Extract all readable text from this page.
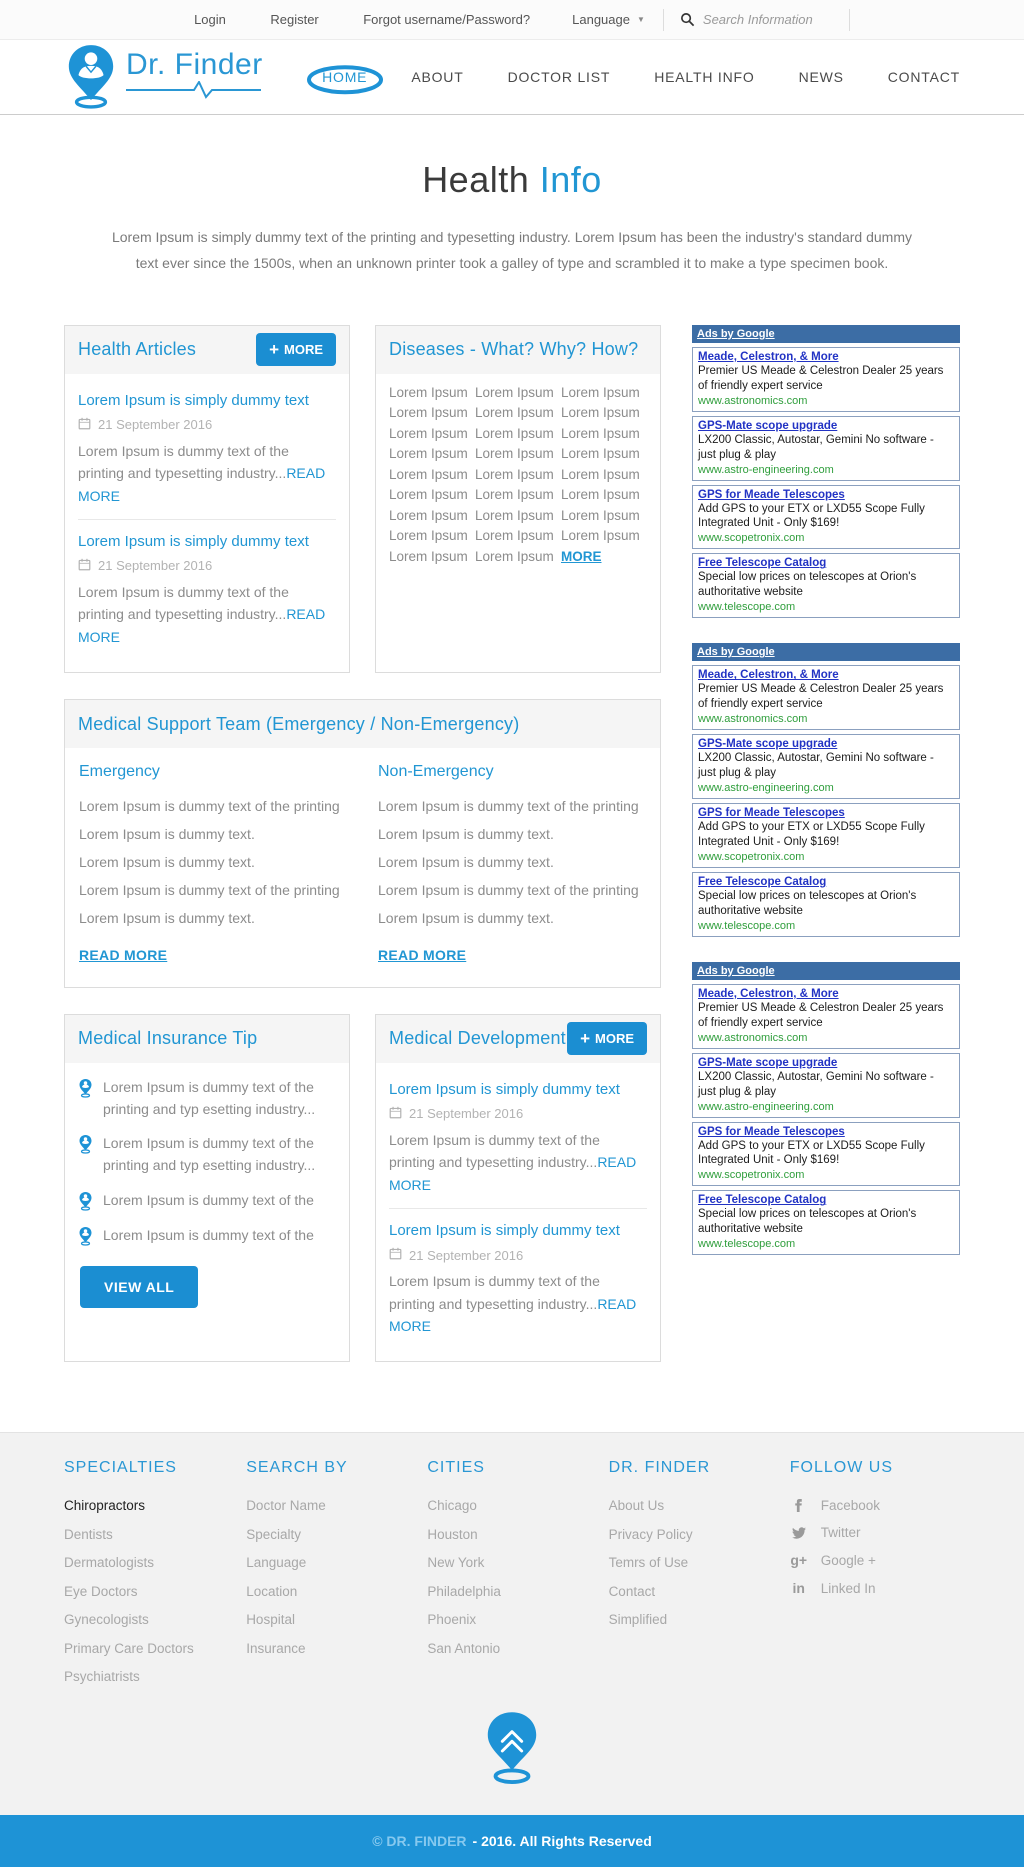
Login	Register	Forgot username/Password?	Language ▼
Search Information
Dr. Finder	HOME	ABOUT	DOCTOR LIST	HEALTH INFO	NEWS	CONTACT
Health Info

Lorem Ipsum is simply dummy text of the printing and typesetting industry. Lorem Ipsum has been the industry's standard dummy text ever since the 1500s, when an unknown printer took a galley of type and scrambled it to make a type specimen book.

Health Articles	+ MORE
Lorem Ipsum is simply dummy text
21 September 2016
Lorem Ipsum is dummy text of the printing and typesetting industry...READ MORE
Lorem Ipsum is simply dummy text
21 September 2016
Lorem Ipsum is dummy text of the printing and typesetting industry...READ MORE
Diseases - What? Why? How?
Lorem Ipsum Lorem Ipsum Lorem Ipsum
Lorem Ipsum Lorem Ipsum Lorem Ipsum
Lorem Ipsum Lorem Ipsum Lorem Ipsum
Lorem Ipsum Lorem Ipsum Lorem Ipsum
Lorem Ipsum Lorem Ipsum Lorem Ipsum
Lorem Ipsum Lorem Ipsum Lorem Ipsum
Lorem Ipsum Lorem Ipsum Lorem Ipsum
Lorem Ipsum Lorem Ipsum Lorem Ipsum
Lorem Ipsum Lorem Ipsum MORE
Medical Support Team (Emergency / Non-Emergency)
Emergency
Lorem Ipsum is dummy text of the printing
Lorem Ipsum is dummy text.
Lorem Ipsum is dummy text.
Lorem Ipsum is dummy text of the printing
Lorem Ipsum is dummy text.
READ MORE
Non-Emergency
Lorem Ipsum is dummy text of the printing
Lorem Ipsum is dummy text.
Lorem Ipsum is dummy text.
Lorem Ipsum is dummy text of the printing
Lorem Ipsum is dummy text.
READ MORE
Medical Insurance Tip
Lorem Ipsum is dummy text of the printing and typ esetting industry...
Lorem Ipsum is dummy text of the printing and typ esetting industry...
Lorem Ipsum is dummy text of the
Lorem Ipsum is dummy text of the
VIEW ALL
Medical Development + MORE
Lorem Ipsum is simply dummy text
21 September 2016
Lorem Ipsum is dummy text of the printing and typesetting industry...READ MORE
Lorem Ipsum is simply dummy text
21 September 2016
Lorem Ipsum is dummy text of the printing and typesetting industry...READ MORE
Ads by Google
Meade, Celestron, & More
Premier US Meade & Celestron Dealer 25 years of friendly expert service
www.astronomics.com
GPS-Mate scope upgrade
LX200 Classic, Autostar, Gemini No software - just plug & play
www.astro-engineering.com
GPS for Meade Telescopes
Add GPS to your ETX or LXD55 Scope Fully Integrated Unit - Only $169!
www.scopetronix.com
Free Telescope Catalog
Special low prices on telescopes at Orion's authoritative website
www.telescope.com
Ads by Google
Meade, Celestron, & More
Premier US Meade & Celestron Dealer 25 years of friendly expert service
www.astronomics.com
GPS-Mate scope upgrade
LX200 Classic, Autostar, Gemini No software - just plug & play
www.astro-engineering.com
GPS for Meade Telescopes
Add GPS to your ETX or LXD55 Scope Fully Integrated Unit - Only $169!
www.scopetronix.com
Free Telescope Catalog
Special low prices on telescopes at Orion's authoritative website
www.telescope.com
Ads by Google
Meade, Celestron, & More
Premier US Meade & Celestron Dealer 25 years of friendly expert service
www.astronomics.com
GPS-Mate scope upgrade
LX200 Classic, Autostar, Gemini No software - just plug & play
www.astro-engineering.com
GPS for Meade Telescopes
Add GPS to your ETX or LXD55 Scope Fully Integrated Unit - Only $169!
www.scopetronix.com
Free Telescope Catalog
Special low prices on telescopes at Orion's authoritative website
www.telescope.com
SPECIALTIES
Chiropractors
Dentists
Dermatologists
Eye Doctors
Gynecologists
Primary Care Doctors
Psychiatrists
SEARCH BY
Doctor Name
Specialty
Language
Location
Hospital
Insurance
CITIES
Chicago
Houston
New York
Philadelphia
Phoenix
San Antonio
DR. FINDER
About Us
Privacy Policy
Temrs of Use
Contact
Simplified
FOLLOW US
Facebook
Twitter
g+ Google +
in Linked In
© DR. FINDER - 2016. All Rights Reserved
